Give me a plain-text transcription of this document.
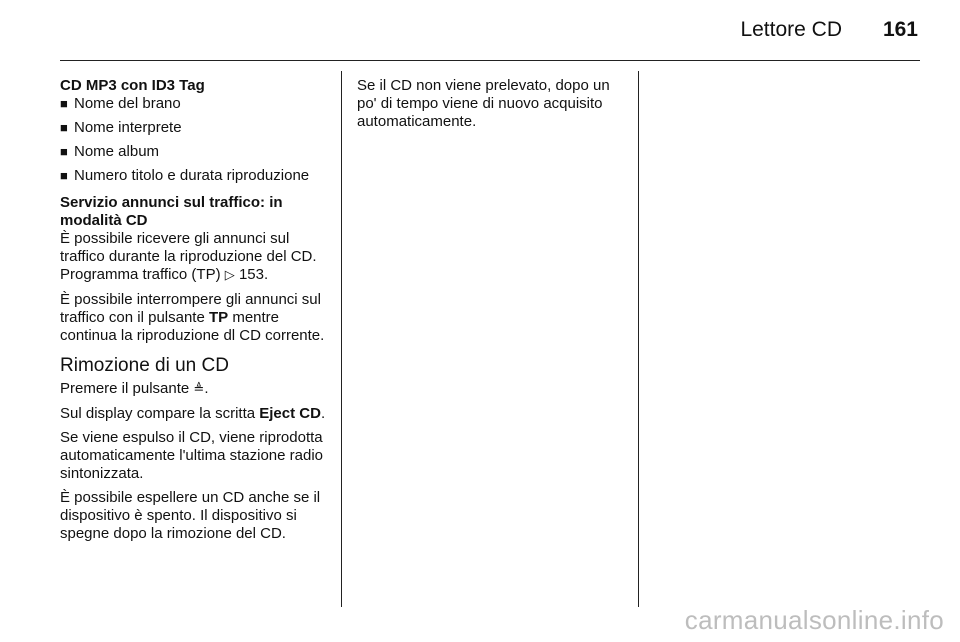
Lettore CD 161

CD MP3 con ID3 Tag

■ Nome del brano
■ Nome interprete
■ Nome album
■ Numero titolo e durata riproduzione

Servizio annunci sul traffico: in modalità CD

È possibile ricevere gli annunci sul traffico durante la riproduzione del CD. Programma traffico (TP) ▷ 153.

È possibile interrompere gli annunci sul traffico con il pulsante TP mentre continua la riproduzione dl CD corrente.

Rimozione di un CD

Premere il pulsante ≜.

Sul display compare la scritta Eject CD.

Se viene espulso il CD, viene riprodotta automaticamente l'ultima stazione radio sintonizzata.

È possibile espellere un CD anche se il dispositivo è spento. Il dispositivo si spegne dopo la rimozione del CD.

Se il CD non viene prelevato, dopo un po' di tempo viene di nuovo acquisito automaticamente.

carmanualsonline.info
